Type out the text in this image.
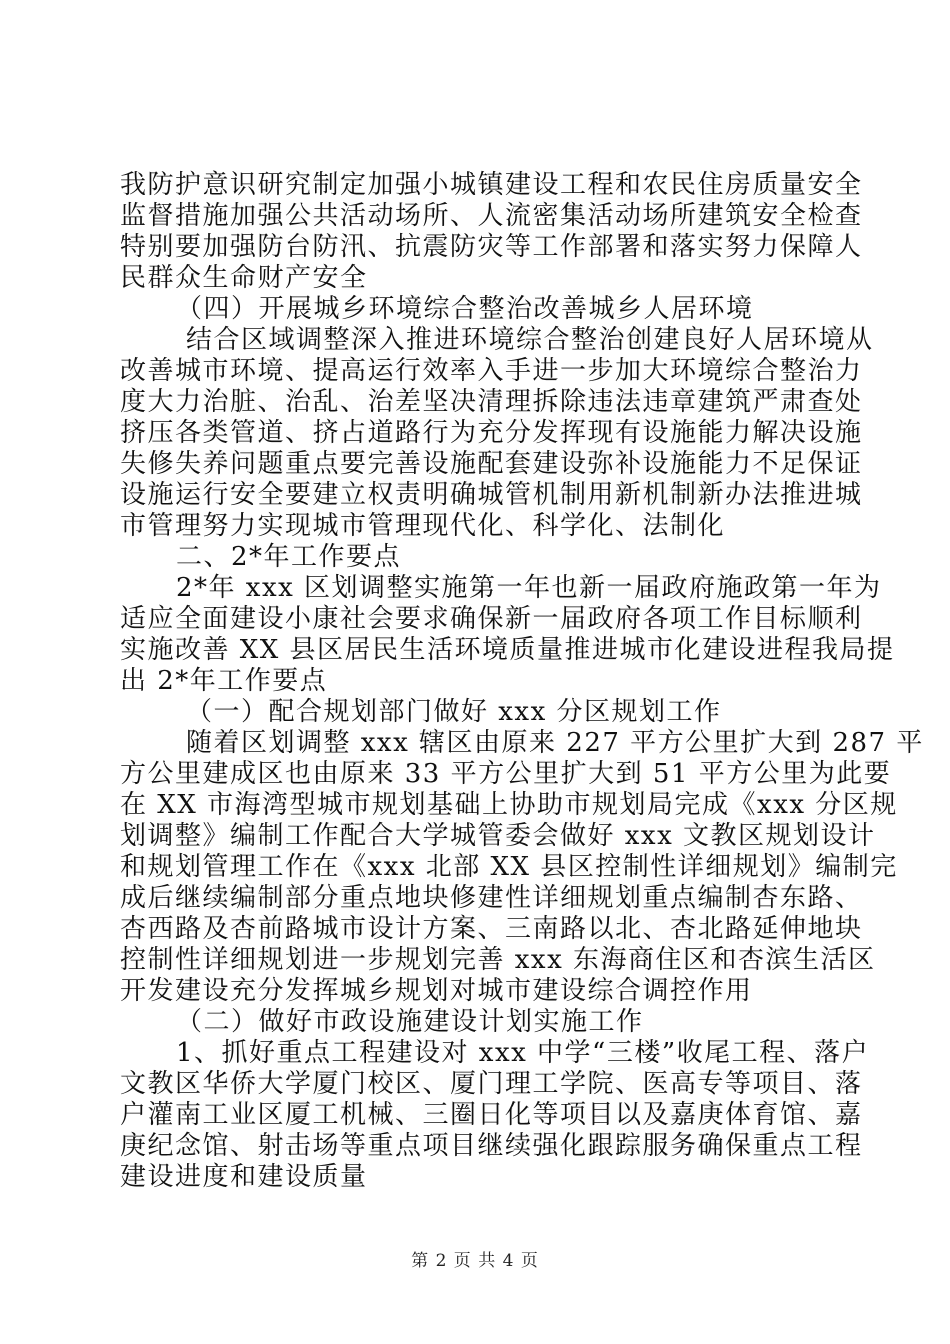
我防护意识研究制定加强小城镇建设工程和农民住房质量安全
监督措施加强公共活动场所、人流密集活动场所建筑安全检查
特别要加强防台防汛、抗震防灾等工作部署和落实努力保障人
民群众生命财产安全
（四）开展城乡环境综合整治改善城乡人居环境
结合区域调整深入推进环境综合整治创建良好人居环境从
改善城市环境、提高运行效率入手进一步加大环境综合整治力
度大力治脏、治乱、治差坚决清理拆除违法违章建筑严肃查处
挤压各类管道、挤占道路行为充分发挥现有设施能力解决设施
失修失养问题重点要完善设施配套建设弥补设施能力不足保证
设施运行安全要建立权责明确城管机制用新机制新办法推进城
市管理努力实现城市管理现代化、科学化、法制化
二、2*年工作要点
2*年 xxx 区划调整实施第一年也新一届政府施政第一年为
适应全面建设小康社会要求确保新一届政府各项工作目标顺利
实施改善 XX 县区居民生活环境质量推进城市化建设进程我局提
出 2*年工作要点
（一）配合规划部门做好 xxx 分区规划工作
随着区划调整 xxx 辖区由原来 227 平方公里扩大到 287 平
方公里建成区也由原来 33 平方公里扩大到 51 平方公里为此要
在 XX 市海湾型城市规划基础上协助市规划局完成《xxx 分区规
划调整》编制工作配合大学城管委会做好 xxx 文教区规划设计
和规划管理工作在《xxx 北部 XX 县区控制性详细规划》编制完
成后继续编制部分重点地块修建性详细规划重点编制杏东路、
杏西路及杏前路城市设计方案、三南路以北、杏北路延伸地块
控制性详细规划进一步规划完善 xxx 东海商住区和杏滨生活区
开发建设充分发挥城乡规划对城市建设综合调控作用
（二）做好市政设施建设计划实施工作
1、抓好重点工程建设对 xxx 中学“三楼”收尾工程、落户
文教区华侨大学厦门校区、厦门理工学院、医高专等项目、落
户灌南工业区厦工机械、三圈日化等项目以及嘉庚体育馆、嘉
庚纪念馆、射击场等重点项目继续强化跟踪服务确保重点工程
建设进度和建设质量
第 2 页 共 4 页
